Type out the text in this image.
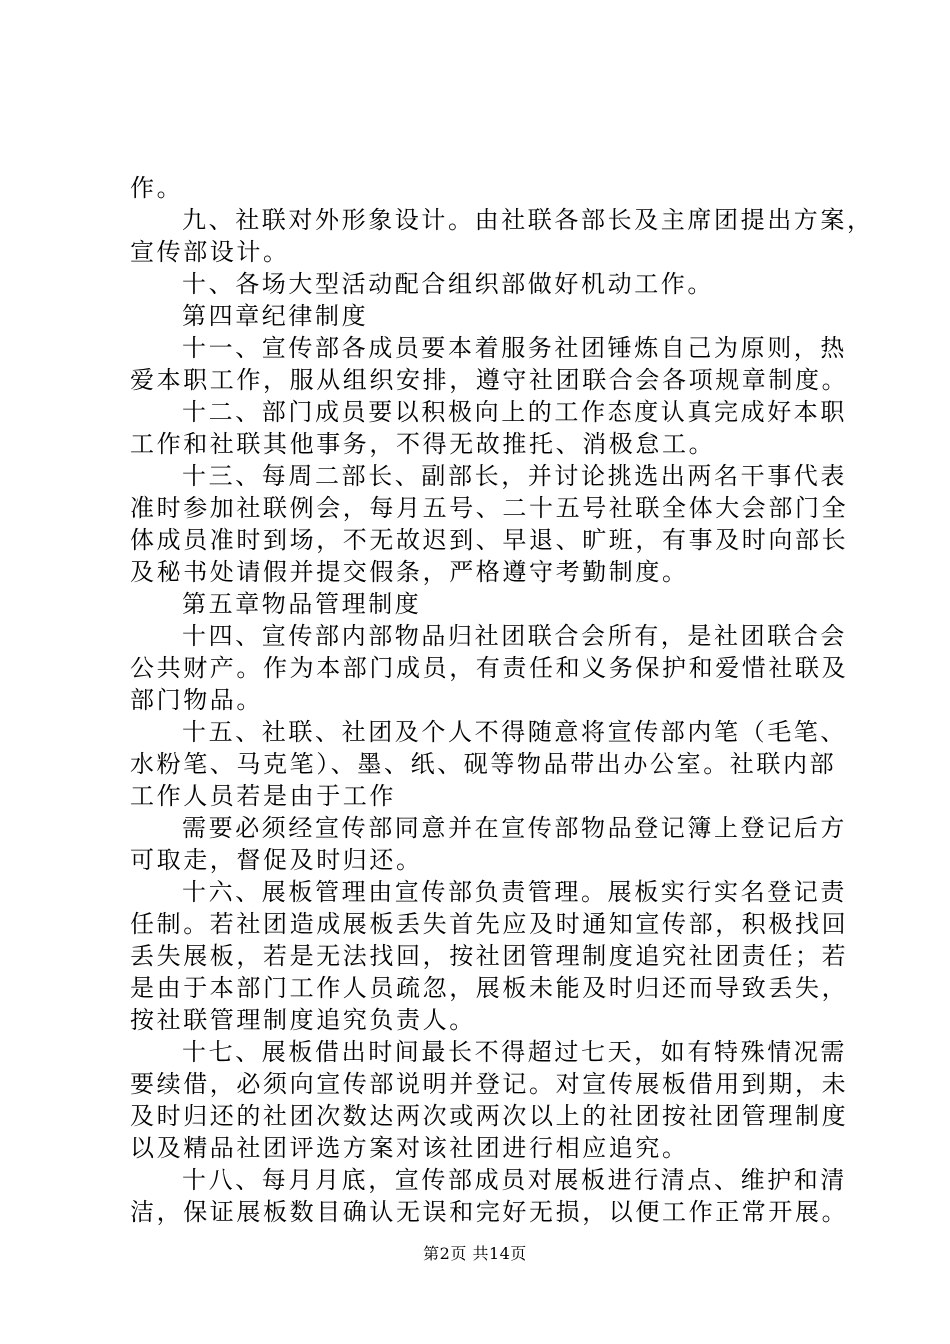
作。
九、社联对外形象设计。由社联各部长及主席团提出方案，
宣传部设计。
十、各场大型活动配合组织部做好机动工作。
第四章纪律制度
十一、宣传部各成员要本着服务社团锤炼自己为原则，热
爱本职工作，服从组织安排，遵守社团联合会各项规章制度。
十二、部门成员要以积极向上的工作态度认真完成好本职
工作和社联其他事务，不得无故推托、消极怠工。
十三、每周二部长、副部长，并讨论挑选出两名干事代表
准时参加社联例会，每月五号、二十五号社联全体大会部门全
体成员准时到场，不无故迟到、早退、旷班，有事及时向部长
及秘书处请假并提交假条，严格遵守考勤制度。
第五章物品管理制度
十四、宣传部内部物品归社团联合会所有，是社团联合会
公共财产。作为本部门成员，有责任和义务保护和爱惜社联及
部门物品。
十五、社联、社团及个人不得随意将宣传部内笔（毛笔、
水粉笔、马克笔）、墨、纸、砚等物品带出办公室。社联内部
工作人员若是由于工作
需要必须经宣传部同意并在宣传部物品登记簿上登记后方
可取走，督促及时归还。
十六、展板管理由宣传部负责管理。展板实行实名登记责
任制。若社团造成展板丢失首先应及时通知宣传部，积极找回
丢失展板，若是无法找回，按社团管理制度追究社团责任；若
是由于本部门工作人员疏忽，展板未能及时归还而导致丢失，
按社联管理制度追究负责人。
十七、展板借出时间最长不得超过七天，如有特殊情况需
要续借，必须向宣传部说明并登记。对宣传展板借用到期，未
及时归还的社团次数达两次或两次以上的社团按社团管理制度
以及精品社团评选方案对该社团进行相应追究。
十八、每月月底，宣传部成员对展板进行清点、维护和清
洁，保证展板数目确认无误和完好无损，以便工作正常开展。
第2页 共14页
